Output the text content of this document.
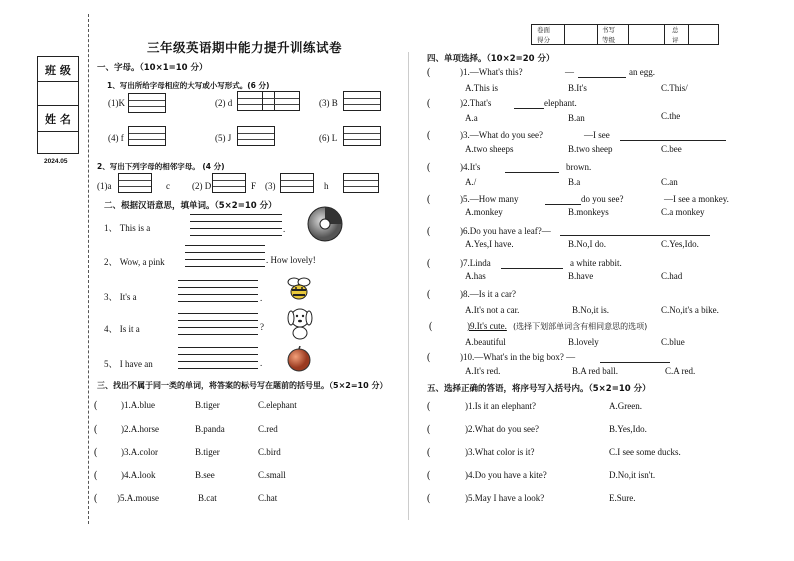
班 级
姓 名
2024.05
三年级英语期中能力提升训练试卷
卷面
得分
书写
等级
总
评
一、字母。（10×1=10 分）
1、写出所给字母相应的大写或小写形式。(6 分)
(1)K	(2) d	(3) B
(4) f	(5) J	(6) L
2、写出下列字母的相邻字母。 (4 分)
(1)a	c (2) D	F (3)	h
二、根据汉语意思，填单词。（5×2=10 分）
1、 This is a	.
2、 Wow, a pink	. How lovely!
3、 It's a	.
4、 Is it a	?
5、 I have an	.
三、找出不属于同一类的单词，将答案的标号写在题前的括号里。（5×2=10 分）
(	)1.A.blue	B.tiger	C.elephant
(	)2.A.horse	B.panda	C.red
(	)3.A.color	B.tiger	C.bird
(	)4.A.look	B.see	C.small
( )5.A.mouse	B.cat	C.hat
四、单项选择。（10×2=20 分）
(	)1.—What's this?	—	an egg.
A.This is	B.It's	C.This/
(	)2.That's	elephant.
A.a	B.an	C.the
(	)3.—What do you see?	—I see
A.two sheeps	B.two sheep	C.bee
(	)4.It's	brown.
A./	B.a	C.an
(	)5.—How many	do you see?	—I see a monkey.
A.monkey	B.monkeys	C.a monkey
(	)6.Do you have a leaf?—
A.Yes,I have.	B.No,I do.	C.Yes,Ido.
(	)7.Linda	a white rabbit.
A.has	B.have	C.had
(	)8.—Is it a car?
A.It's not a car.	B.No,it is.	C.No,it's a bike.
(	)9.It's cute. (选择下划部单词含有相同意思的选项)
A.beautiful	B.lovely	C.blue
(	)10.—What's in the big box? —
A.It's red.	B.A red ball.	C.A red.
五、选择正确的答语，将序号写入括号内。（5×2=10 分）
(	)1.Is it an elephant?	A.Green.
(	)2.What do you see?	B.Yes,Ido.
(	)3.What color is it?	C.I see some ducks.
(	)4.Do you have a kite?	D.No,it isn't.
(	)5.May I have a look?	E.Sure.
